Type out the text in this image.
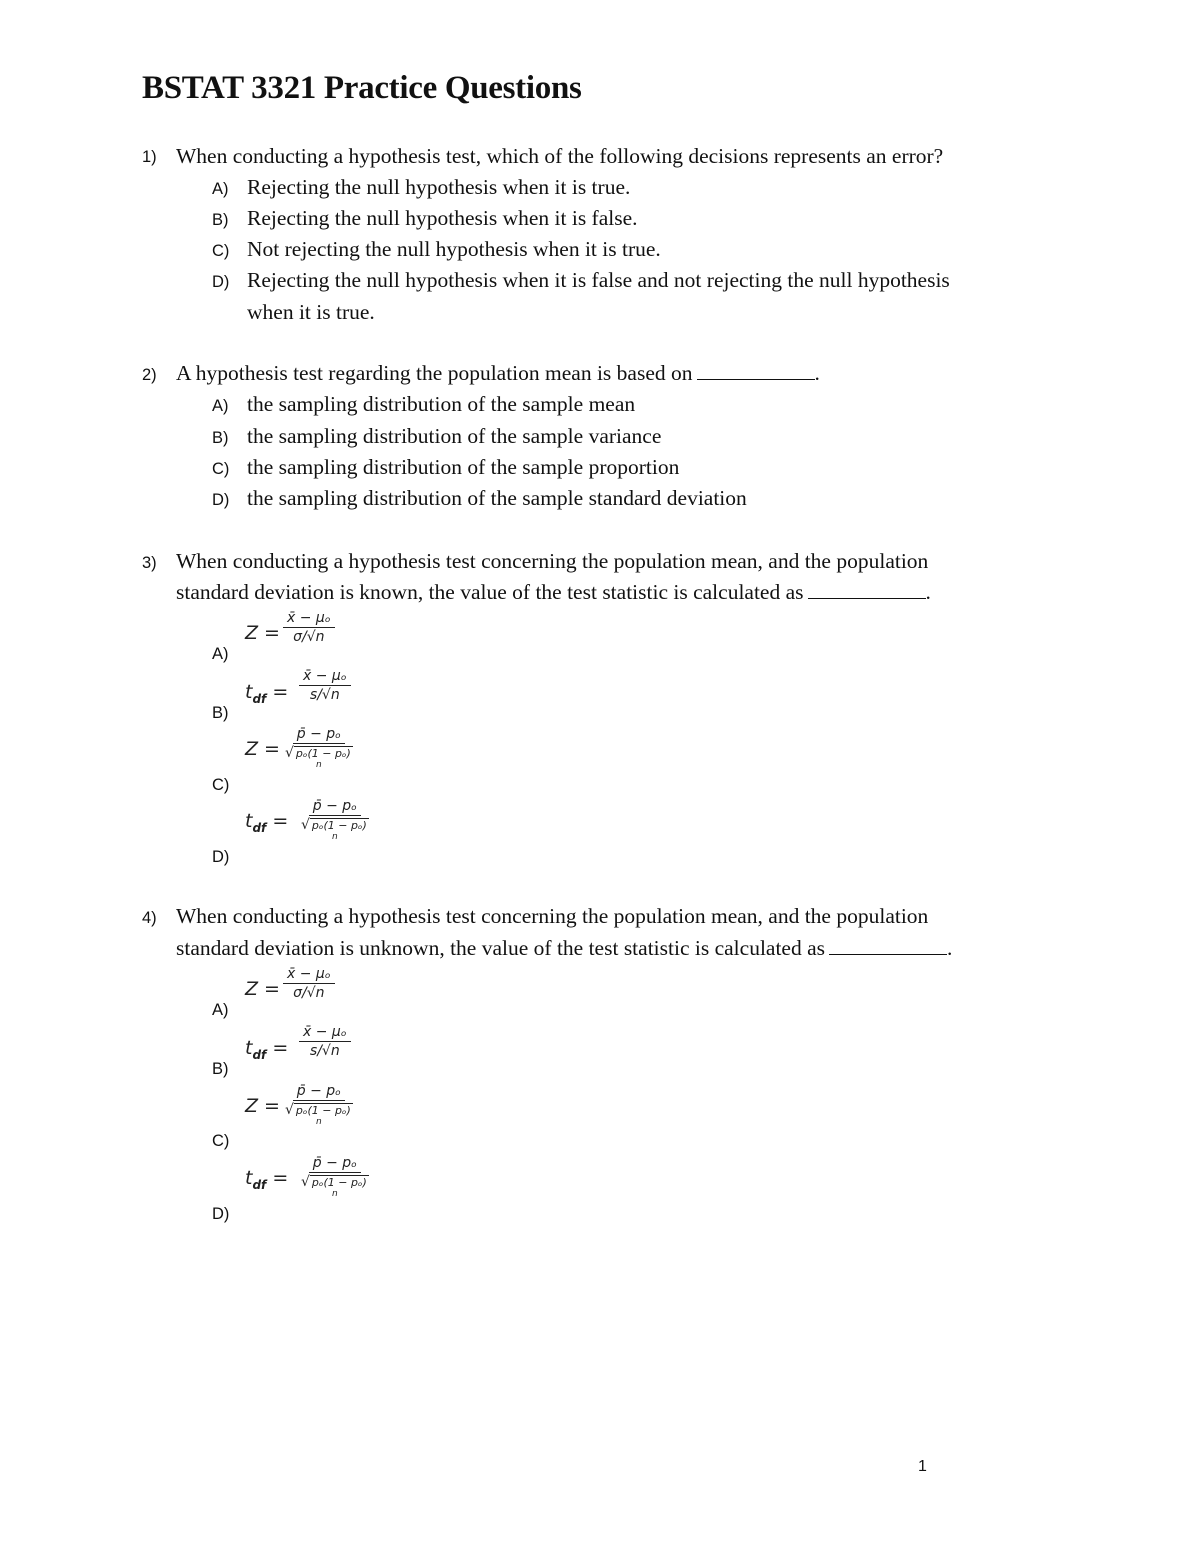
BSTAT 3321 Practice Questions
1) When conducting a hypothesis test, which of the following decisions represents an error?
A) Rejecting the null hypothesis when it is true.
B) Rejecting the null hypothesis when it is false.
C) Not rejecting the null hypothesis when it is true.
D) Rejecting the null hypothesis when it is false and not rejecting the null hypothesis
when it is true.
2) A hypothesis test regarding the population mean is based on	.
A) the sampling distribution of the sample mean
B) the sampling distribution of the sample variance
C) the sampling distribution of the sample proportion
D) the sampling distribution of the sample standard deviation
3) When conducting a hypothesis test concerning the population mean, and the population
standard deviation is known, the value of the test statistic is calculated as	.
A)
B)
C)
D)
$Z = \frac{\text{x̄ − μₒ}}{\sigma/√n}$
$t_{df} = \frac{\text{x̄ − μₒ}}{s/√n}$
Z = p̄ − pₒ
√ pₒ(1 − pₒ)
n
$t_{df}$ = p̄ − pₒ
√ pₒ(1 − pₒ)
n
4) When conducting a hypothesis test concerning the population mean, and the population
standard deviation is unknown, the value of the test statistic is calculated as	.
A)
B)
C)
D)
$Z = \frac{\text{x̄ − μₒ}}{\sigma/√n}$
$t_{df} = \frac{\text{x̄ − μₒ}}{s/√n}$
Z = p̄ − pₒ
√ pₒ(1 − pₒ)
n
$t_{df}$ = p̄ − pₒ
√ pₒ(1 − pₒ)
n
1
